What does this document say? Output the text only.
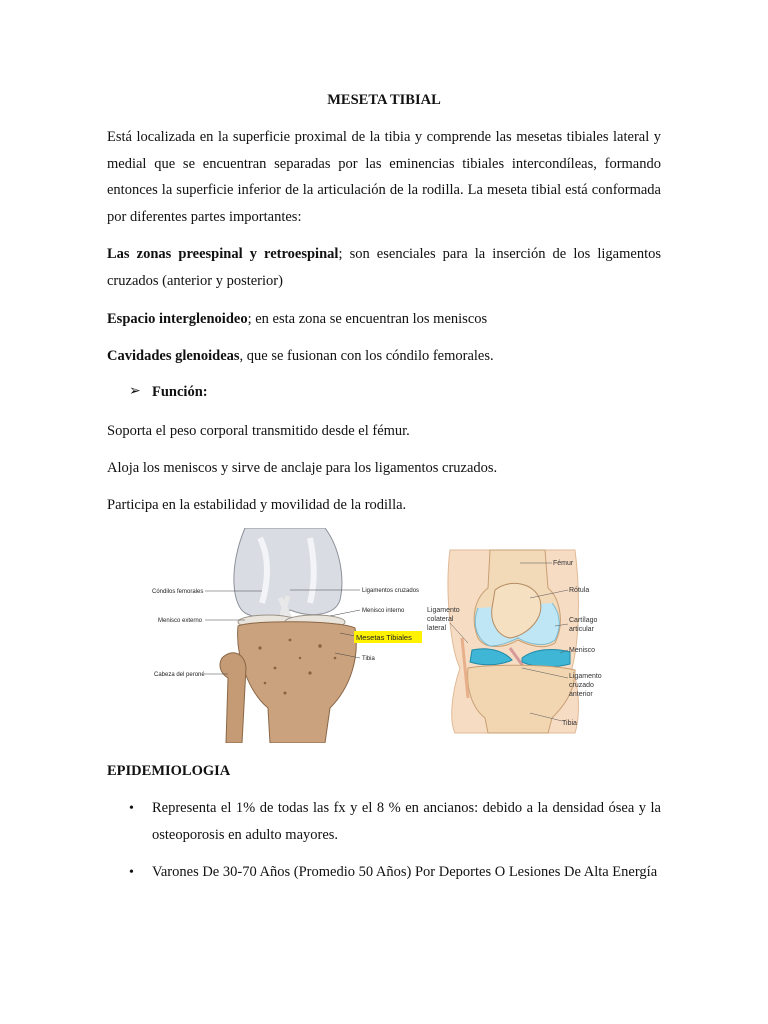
MESETA TIBIAL

Está localizada en la superficie proximal de la tibia y comprende las mesetas tibiales lateral y medial que se encuentran separadas por las eminencias tibiales intercondíleas, formando entonces la superficie inferior de la articulación de la rodilla. La meseta tibial está conformada por diferentes partes importantes:

Las zonas preespinal y retroespinal; son esenciales para la inserción de los ligamentos cruzados (anterior y posterior)

Espacio interglenoideo; en esta zona se encuentran los meniscos
Cavidades glenoideas, que se fusionan con los cóndilo femorales.
➢ Función:
Soporta el peso corporal transmitido desde el fémur.
Aloja los meniscos y sirve de anclaje para los ligamentos cruzados.
Participa en la estabilidad y movilidad de la rodilla.
EPIDEMIOLOGIA
• Representa el 1% de todas las fx y el 8 % en ancianos: debido a la densidad ósea y la osteoporosis en adulto mayores.

• Varones De 30-70 Años (Promedio 50 Años) Por Deportes O Lesiones De Alta Energía

Cóndilos femorales
Menisco externo
Cabeza del peroné
Ligamentos cruzados
Menisco interno
Mesetas Tibiales
Tibia
Fémur
Rótula
Cartílago
articular
Menisco
Ligamento
cruzado
anterior
Tibia
Ligamento
colateral
lateral
